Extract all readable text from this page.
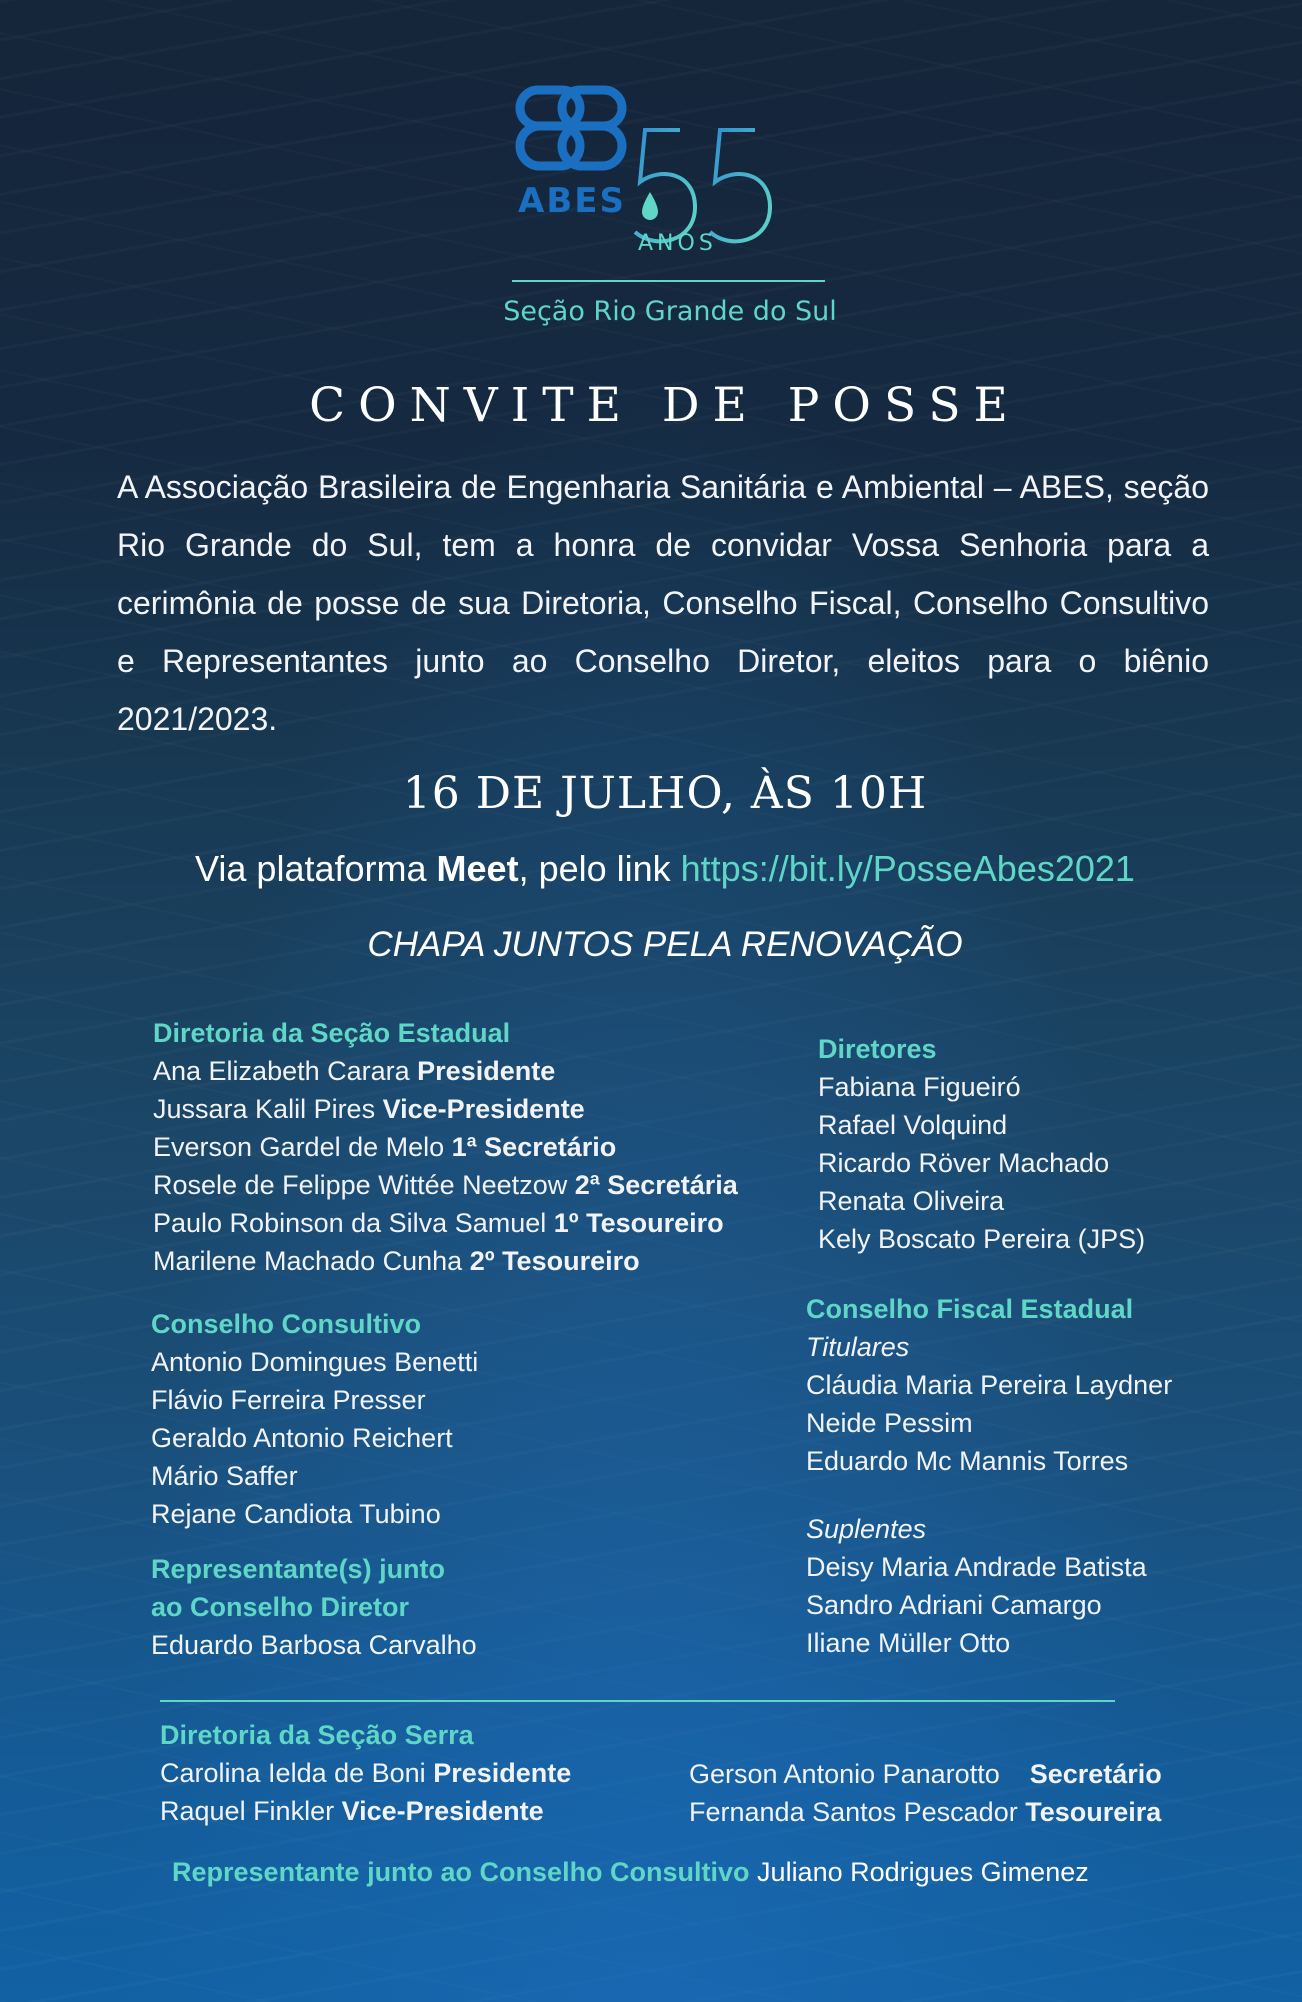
ABES
ANOS
Seção Rio Grande do Sul
CONVITE DE POSSE
A Associação Brasileira de Engenharia Sanitária e Ambiental – ABES, seção Rio Grande do Sul, tem a honra de convidar Vossa Senhoria para a cerimônia de posse de sua Diretoria, Conselho Fiscal, Conselho Consultivo e Representantes junto ao Conselho Diretor, eleitos para o biênio 2021/2023.
16 DE JULHO, ÀS 10H
Via plataforma Meet, pelo link https://bit.ly/PosseAbes2021
CHAPA JUNTOS PELA RENOVAÇÃO
Diretoria da Seção Estadual
Ana Elizabeth Carara Presidente
Jussara Kalil Pires Vice-Presidente
Everson Gardel de Melo 1ª Secretário
Rosele de Felippe Wittée Neetzow 2ª Secretária
Paulo Robinson da Silva Samuel 1º Tesoureiro
Marilene Machado Cunha 2º Tesoureiro
Diretores
Fabiana Figueiró
Rafael Volquind
Ricardo Röver Machado
Renata Oliveira
Kely Boscato Pereira (JPS)
Conselho Consultivo
Antonio Domingues Benetti
Flávio Ferreira Presser
Geraldo Antonio Reichert
Mário Saffer
Rejane Candiota Tubino
Conselho Fiscal Estadual
Titulares
Cláudia Maria Pereira Laydner
Neide Pessim
Eduardo Mc Mannis Torres
Suplentes
Deisy Maria Andrade Batista
Sandro Adriani Camargo
Iliane Müller Otto
Representante(s) junto
ao Conselho Diretor
Eduardo Barbosa Carvalho
Diretoria da Seção Serra
Carolina Ielda de Boni Presidente
Raquel Finkler Vice-Presidente
Gerson Antonio Panarotto    Secretário
Fernanda Santos Pescador Tesoureira
Representante junto ao Conselho Consultivo Juliano Rodrigues Gimenez
